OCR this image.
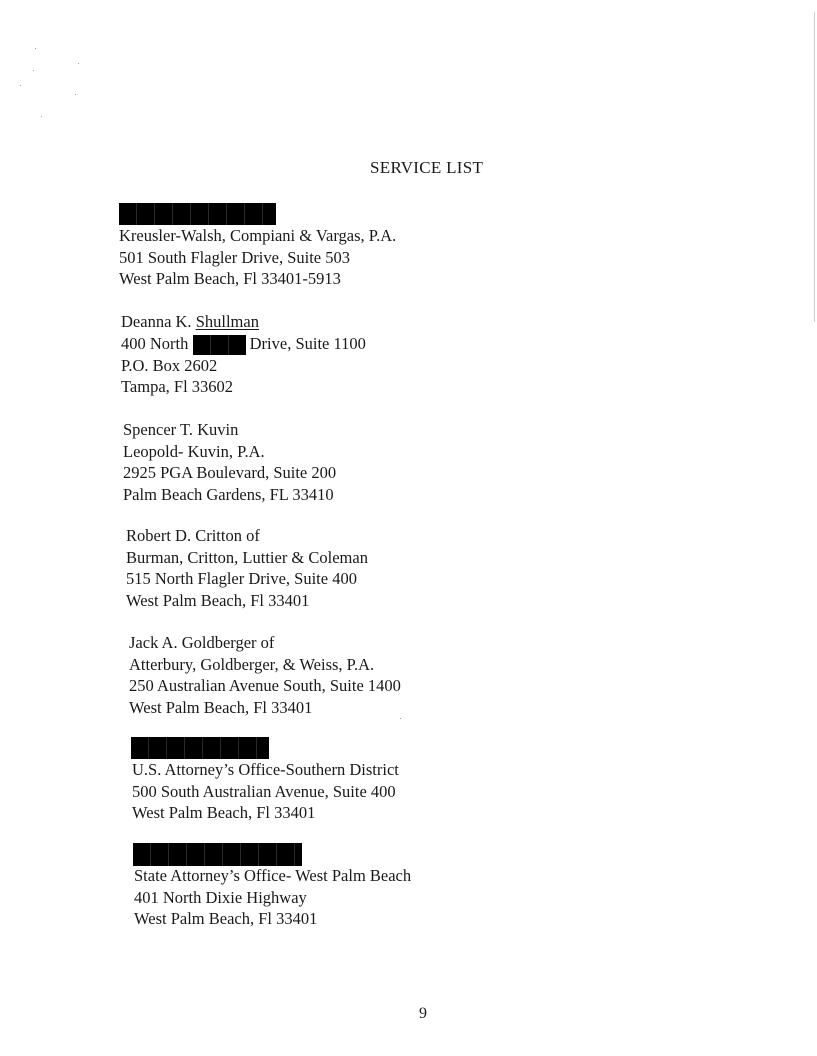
SERVICE LIST
Kreusler-Walsh, Compiani & Vargas, P.A.
501 South Flagler Drive, Suite 503
West Palm Beach, Fl 33401-5913
Deanna K. Shullman
400 North	Drive, Suite 1100
P.O. Box 2602
Tampa, Fl 33602
Spencer T. Kuvin
Leopold- Kuvin, P.A.
2925 PGA Boulevard, Suite 200
Palm Beach Gardens, FL 33410
Robert D. Critton of
Burman, Critton, Luttier & Coleman
515 North Flagler Drive, Suite 400
West Palm Beach, Fl 33401
Jack A. Goldberger of
Atterbury, Goldberger, & Weiss, P.A.
250 Australian Avenue South, Suite 1400
West Palm Beach, Fl 33401
U.S. Attorney’s Office-Southern District
500 South Australian Avenue, Suite 400
West Palm Beach, Fl 33401
State Attorney’s Office- West Palm Beach
401 North Dixie Highway
West Palm Beach, Fl 33401
9
